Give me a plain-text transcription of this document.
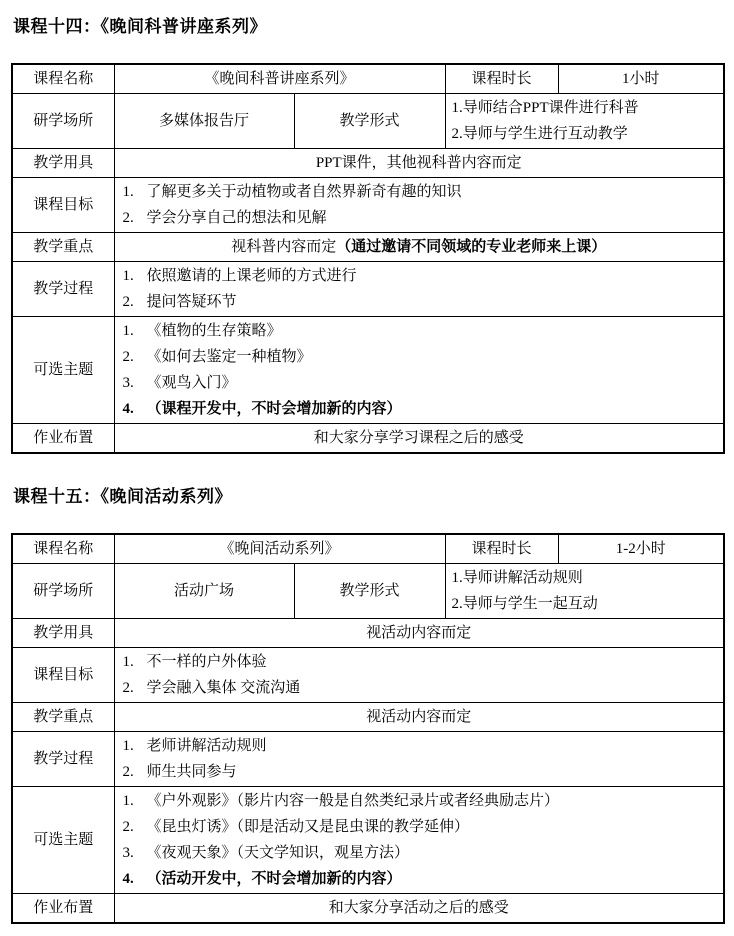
课程十四：《晚间科普讲座系列》
课程名称	《晚间科普讲座系列》		课程时长	1小时
研学场所	多媒体报告厅	教学形式	1.导师结合PPT课件进行科普
2.导师与学生进行互动教学	

教学用具	PPT课件，其他视科普内容而定			
课程目标	1. 了解更多关于动植物或者自然界新奇有趣的知识
2. 学会分享自己的想法和见解			

教学重点	视科普内容而定（通过邀请不同领域的专业老师来上课）			
教学过程	1. 依照邀请的上课老师的方式进行
2. 提问答疑环节			

可选主题	
1. 《植物的生存策略》
2. 《如何去鉴定一种植物》
3. 《观鸟入门》
4. （课程开发中，不时会增加新的内容）

作业布置	和大家分享学习课程之后的感受			
课程十五：《晚间活动系列》
课程名称	《晚间活动系列》		课程时长	1-2小时
研学场所	活动广场	教学形式	1.导师讲解活动规则
2.导师与学生一起互动	

教学用具	视活动内容而定			
课程目标	1. 不一样的户外体验
2. 学会融入集体 交流沟通			

教学重点	视活动内容而定			
教学过程	1. 老师讲解活动规则
2. 师生共同参与			

可选主题	
1. 《户外观影》（影片内容一般是自然类纪录片或者经典励志片）
2. 《昆虫灯诱》（即是活动又是昆虫课的教学延伸）
3. 《夜观天象》（天文学知识，观星方法）
4. （活动开发中，不时会增加新的内容）

作业布置	和大家分享活动之后的感受			
